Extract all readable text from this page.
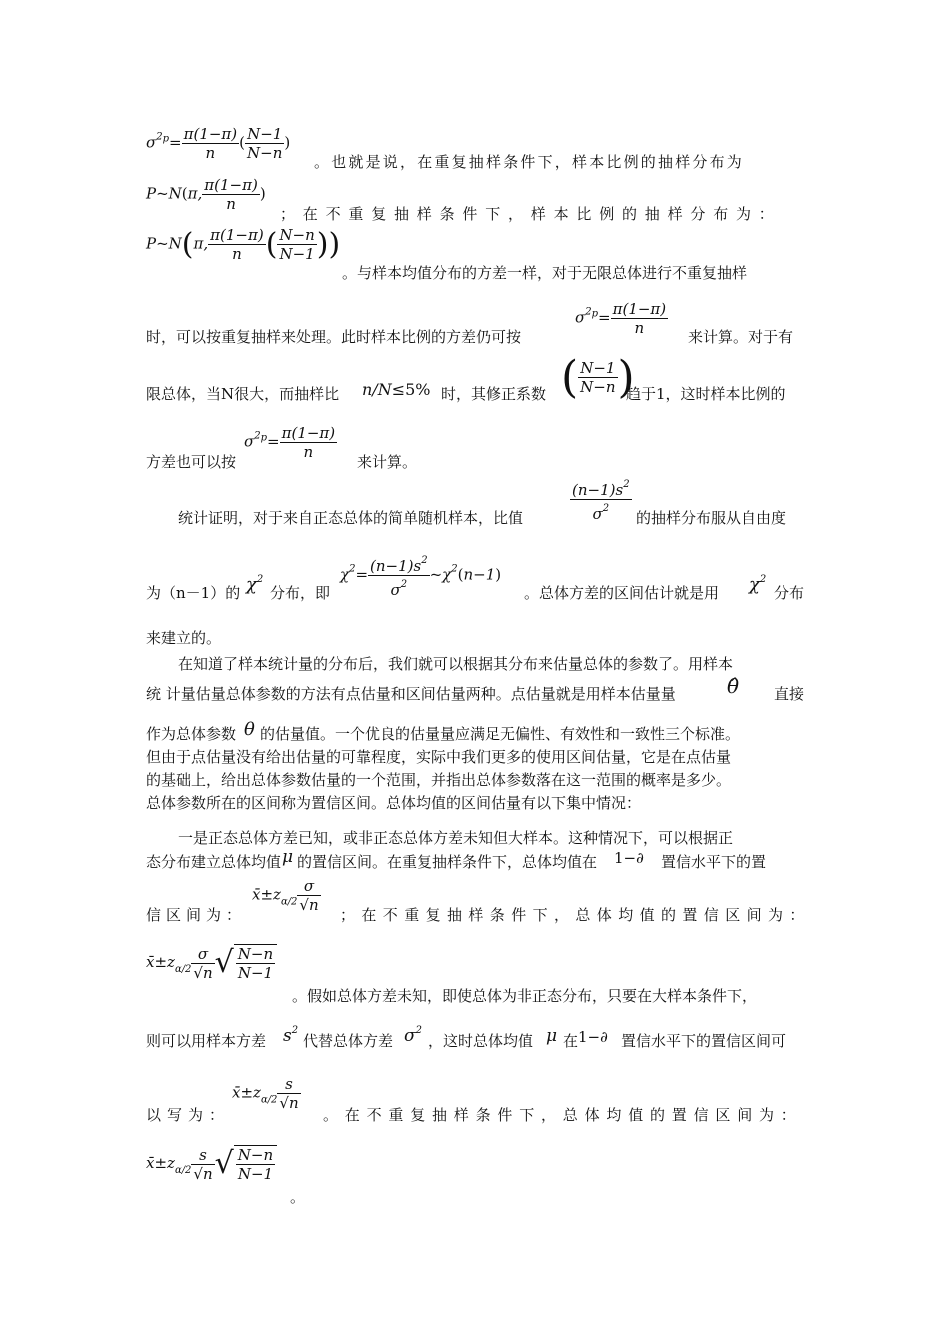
$\sigma^{2p}= \frac{\pi(1-\pi)}{n}$ ( $\frac{N-1}{N-n}$ )
。也就是说，在重复抽样条件下，样本比例的抽样分布为
P~N(π, $\frac{\pi(1-\pi)}{n}$ )
；在不重复抽样条件下，样本比例的抽样分布为：
P~N(π, $\frac{\pi(1-\pi)}{n}$ ( $\frac{N-n}{N-1}$ ))
。与样本均值分布的方差一样，对于无限总体进行不重复抽样
时，可以按重复抽样来处理。此时样本比例的方差仍可按
$\sigma^{2p}= \frac{\pi(1-\pi)}{n}$ 来计算。对于有
限总体，当N很大，而抽样比 n/N≤5% 时，其修正系数 ( $\frac{N-1}{N-n}$ )
趋于1，这时样本比例的
方差也可以按
$\sigma^{2p}= \frac{\pi(1-\pi)}{n}$
来计算。
统计证明，对于来自正态总体的简单随机样本，比值	$\frac{(n-1)s^2}{\sigma^2}$ 的抽样分布服从自由度
为（n－1）的 $\chi^2$
分布，即
$\chi^2= \frac{(n-1)s^2}{\sigma^2}$ $\sim\chi^2(n-1)$
。总体方差的区间估计就是用 $\chi^2$
分布
来建立的。
在知道了样本统计量的分布后，我们就可以根据其分布来估量总体的参数了。用样本
统 计量估量总体参数的方法有点估量和区间估量两种。点估量就是用样本估量量	θ̂ 直接
作为总体参数 θ 的估量值。一个优良的估量量应满足无偏性、有效性和一致性三个标准。
但由于点估量没有给出估量的可靠程度，实际中我们更多的使用区间估量，它是在点估量
的基础上，给出总体参数估量的一个范围，并指出总体参数落在这一范围的概率是多少。
总体参数所在的区间称为置信区间。总体均值的区间估量有以下集中情况：
一是正态总体方差已知，或非正态总体方差未知但大样本。这种情况下，可以根据正
态分布建立总体均值 μ 的置信区间。在重复抽样条件下，总体均值在 1−∂ 置信水平下的置
信区间为：
$x̄\pm z_{\alpha/2} \frac{\sigma}{√n}$
；在不重复抽样条件下，总体均值的置信区间为：
$x̄\pm z_{\alpha/2} \frac{\sigma}{√n}$ √ $\frac{N-n}{N-1}$
。假如总体方差未知，即使总体为非正态分布，只要在大样本条件下，
则可以用样本方差 $s^2$
代替总体方差 $\sigma^2$
，这时总体均值 μ 在 1−∂ 置信水平下的置信区间可
以写为：
$x̄\pm z_{\alpha/2} \frac{s}{√n}$
。在不重复抽样条件下，总体均值的置信区间为：
$x̄\pm z_{\alpha/2} \frac{s}{√n}$ √ $\frac{N-n}{N-1}$
。
